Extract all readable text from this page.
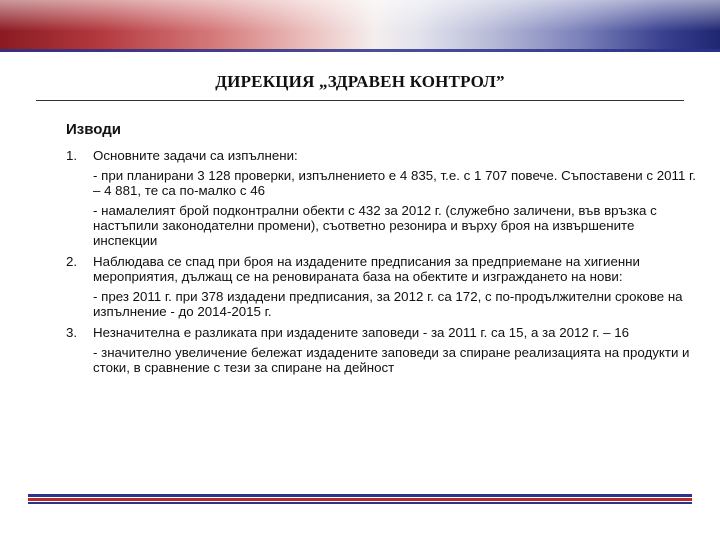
ДИРЕКЦИЯ „ЗДРАВЕН КОНТРОЛ”
Изводи
1. Основните задачи са изпълнени:
- при планирани 3 128 проверки, изпълнението е 4 835, т.е. с 1 707 повече. Съпоставени с 2011 г. – 4 881, те са по-малко с 46
- намалелият брой подконтрални обекти с 432 за 2012 г. (служебно заличени, във връзка с настъпили законодателни промени), съответно резонира и върху броя на извършените инспекции
2. Наблюдава се спад при броя на издадените предписания за предприемане на хигиенни мероприятия, дължащ се на реновираната база на обектите и изграждането на нови:
- през 2011 г. при 378 издадени предписания, за 2012 г. са 172, с по-продължителни срокове на изпълнение - до 2014-2015 г.
3. Незначителна е разликата при издадените заповеди - за 2011 г. са 15, а за 2012 г. – 16
- значително увеличение бележат издадените заповеди за спиране реализацията на продукти и стоки, в сравнение с тези за спиране на дейност
